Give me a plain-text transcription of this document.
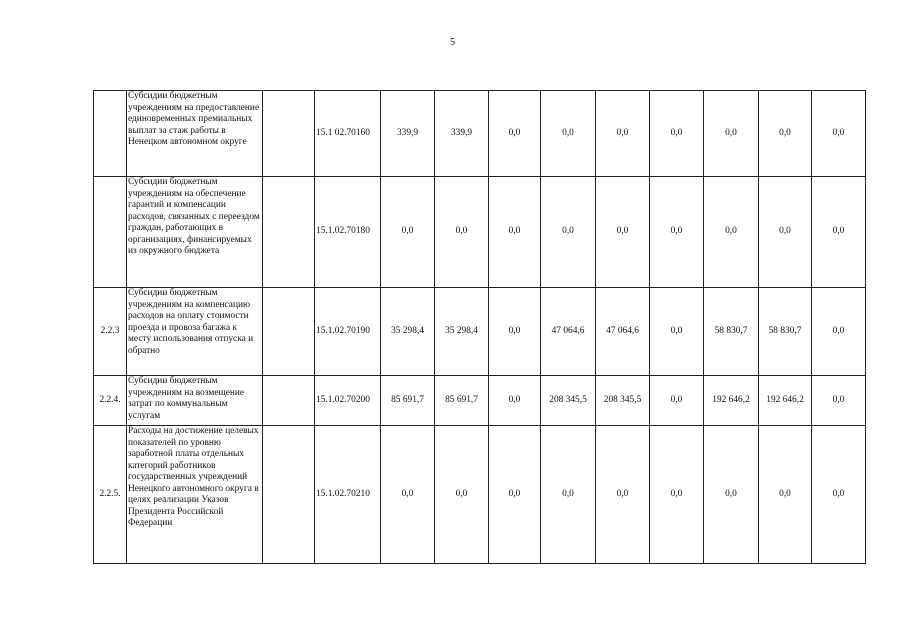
5
	Субсидии бюджетным учреждениям на предоставление единовременных премиальных выплат за стаж работы в Ненецком автономном округе		15.1 02.70160	339,9	339,9	0,0	0,0	0,0	0,0	0,0	0,0	0,0
	Субсидии бюджетным учреждениям на обеспечение гарантий и компенсации расходов, связанных с переездом граждан, работающих в организациях, финансируемых из окружного бюджета		15.1.02.70180	0,0	0,0	0,0	0,0	0,0	0,0	0,0	0,0	0,0
2.2.3	Субсидии бюджетным учреждениям на компенсацию расходов на оплату стоимости проезда и провоза багажа к месту использования отпуска и обратно		15.1.02.70190	35 298,4	35 298,4	0,0	47 064,6	47 064,6	0,0	58 830,7	58 830,7	0,0
2.2.4.	Субсидии бюджетным учреждениям на возмещение затрат по коммунальным услугам		15.1.02.70200	85 691,7	85 691,7	0,0	208 345,5	208 345,5	0,0	192 646,2	192 646,2	0,0
2.2.5.	Расходы на достижение целевых показателей по уровню заработной платы отдельных категорий работников государственных учреждений Ненецкого автономного округа в целях реализации Указов Президента Российской Федерации		15.1.02.70210	0,0	0,0	0,0	0,0	0,0	0,0	0,0	0,0	0,0
